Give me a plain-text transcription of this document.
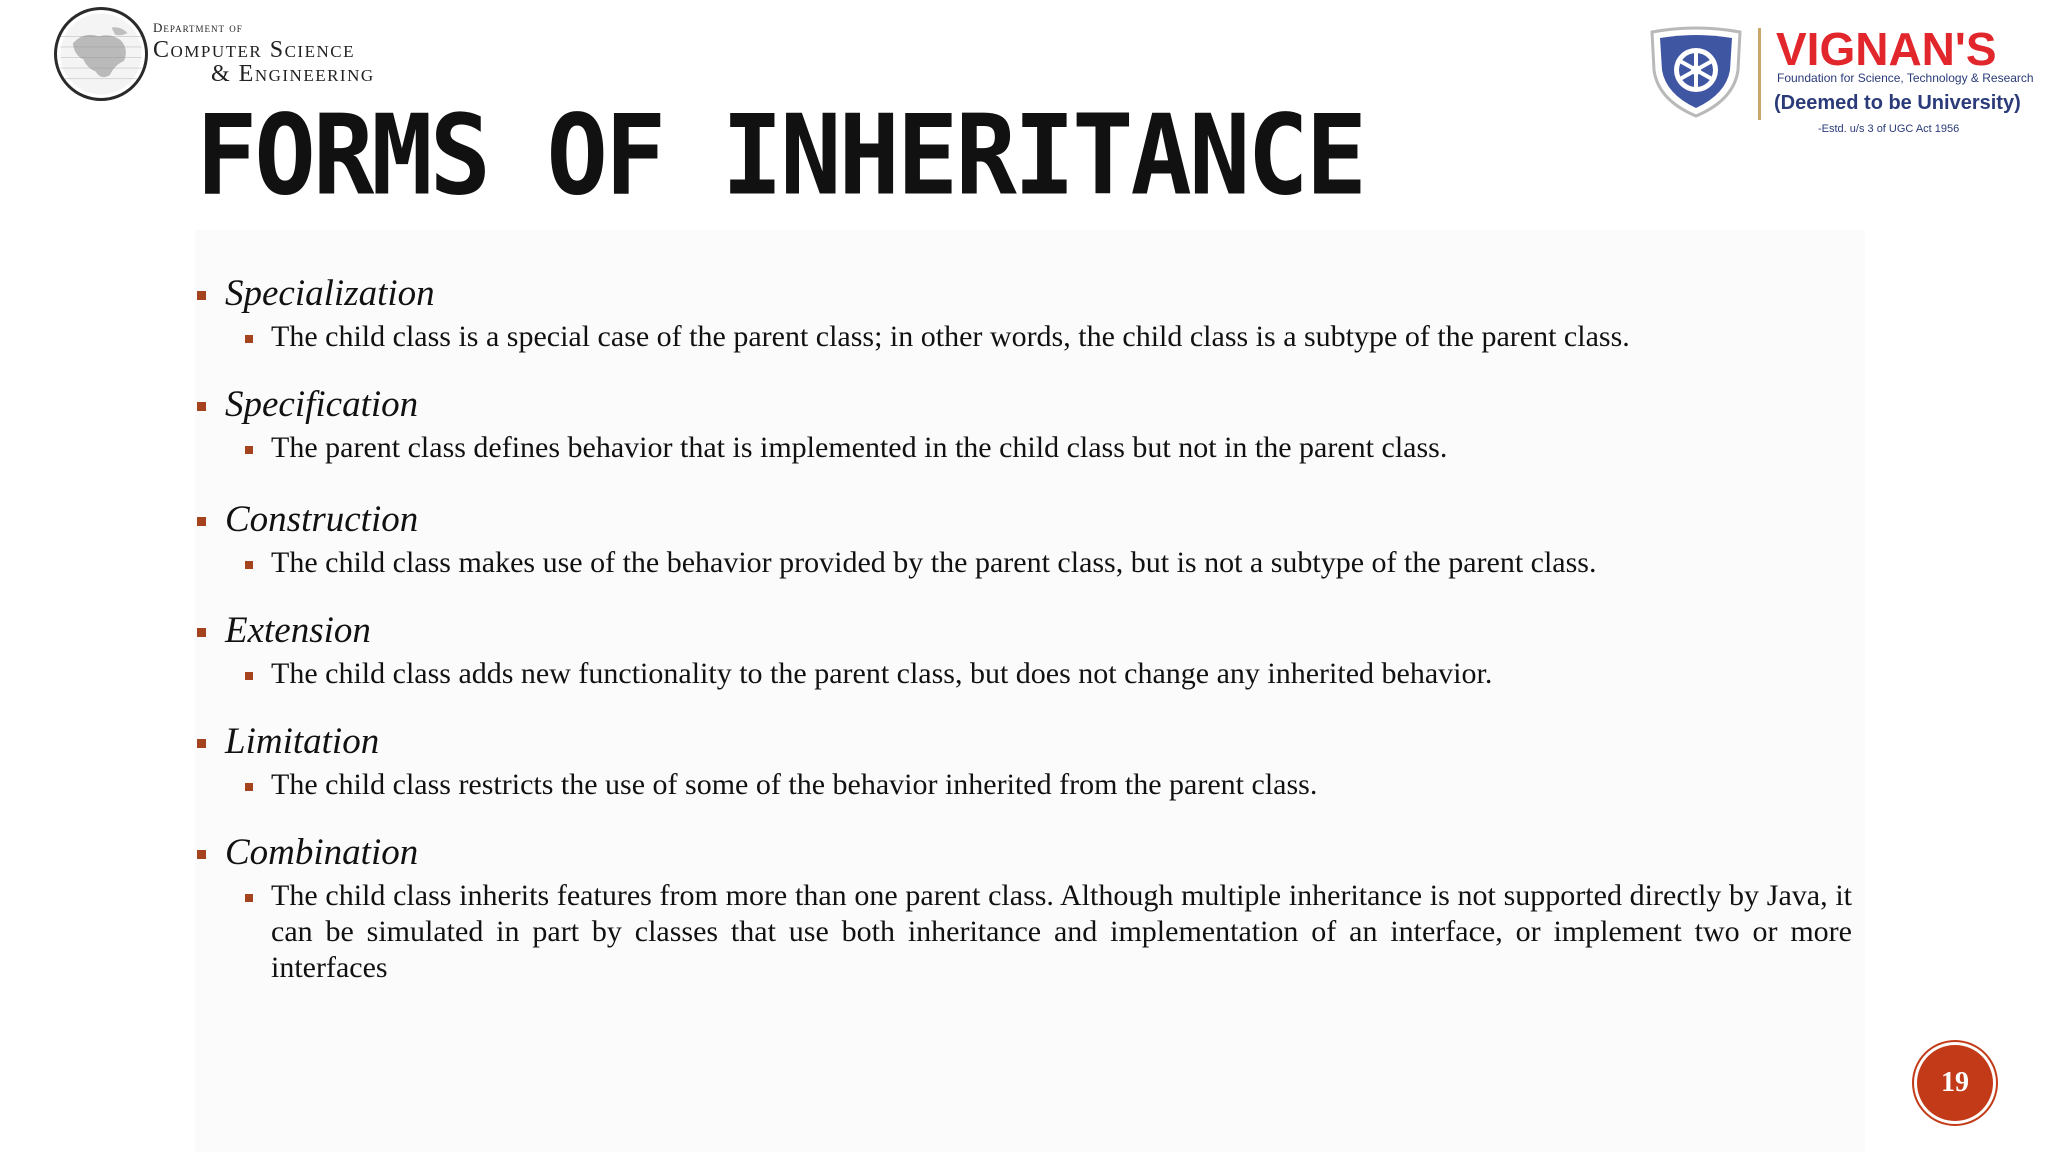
Department of
Computer Science
& Engineering
FORMS OF INHERITANCE
VIGNAN'S
Foundation for Science, Technology & Research
(Deemed to be University)
-Estd. u/s 3 of UGC Act 1956
Specialization
The child class is a special case of the parent class; in other words, the child class is a subtype of the parent class.
Specification
The parent class defines behavior that is implemented in the child class but not in the parent class.
Construction
The child class makes use of the behavior provided by the parent class, but is not a subtype of the parent class.
Extension
The child class adds new functionality to the parent class, but does not change any inherited behavior.
Limitation
The child class restricts the use of some of the behavior inherited from the parent class.
Combination
The child class inherits features from more than one parent class. Although multiple inheritance is not supported directly by Java, it can be simulated in part by classes that use both inheritance and implementation of an interface, or implement two or more interfaces
19
